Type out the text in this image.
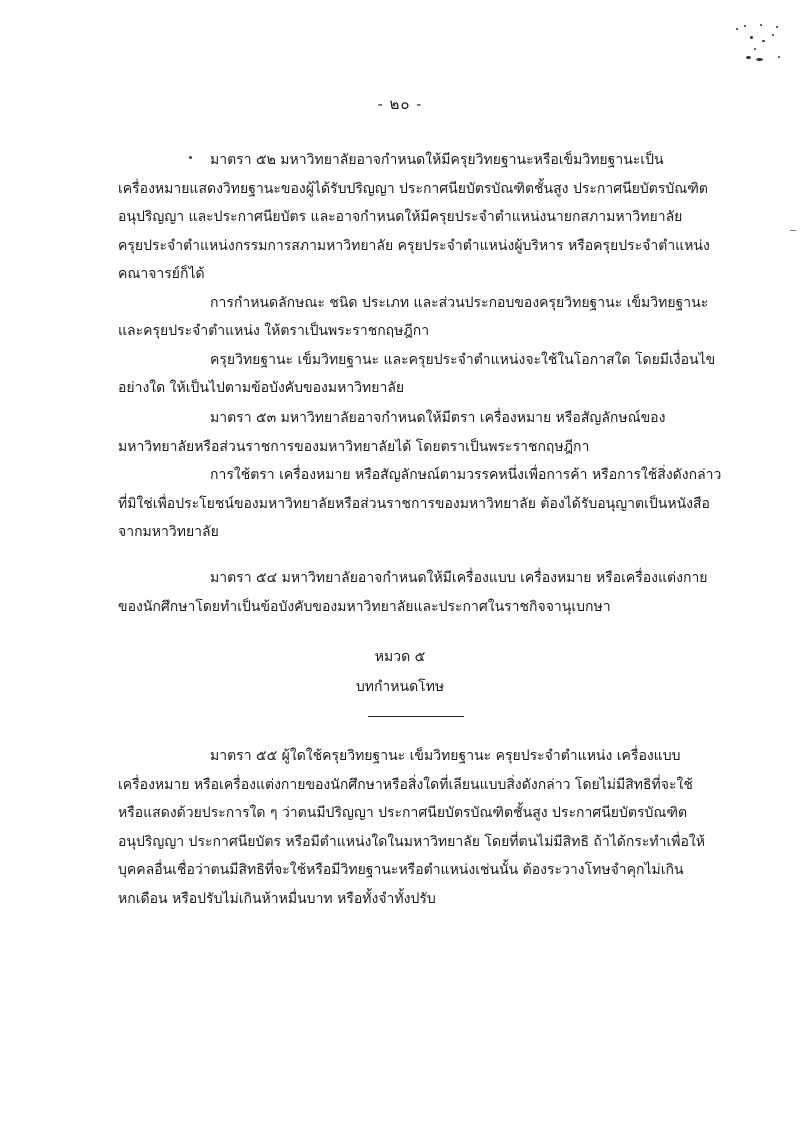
- ๒๐ -

มาตรา ๕๒ มหาวิทยาลัยอาจกำหนดให้มีครุยวิทยฐานะหรือเข็มวิทยฐานะเป็น

เครื่องหมายแสดงวิทยฐานะของผู้ได้รับปริญญา ประกาศนียบัตรบัณฑิตชั้นสูง ประกาศนียบัตรบัณฑิต

อนุปริญญา และประกาศนียบัตร และอาจกำหนดให้มีครุยประจำตำแหน่งนายกสภามหาวิทยาลัย

ครุยประจำตำแหน่งกรรมการสภามหาวิทยาลัย ครุยประจำตำแหน่งผู้บริหาร หรือครุยประจำตำแหน่ง

คณาจารย์ก็ได้

การกำหนดลักษณะ ชนิด ประเภท และส่วนประกอบของครุยวิทยฐานะ เข็มวิทยฐานะ

และครุยประจำตำแหน่ง ให้ตราเป็นพระราชกฤษฎีกา

ครุยวิทยฐานะ เข็มวิทยฐานะ และครุยประจำตำแหน่งจะใช้ในโอกาสใด โดยมีเงื่อนไข

อย่างใด ให้เป็นไปตามข้อบังคับของมหาวิทยาลัย

มาตรา ๕๓ มหาวิทยาลัยอาจกำหนดให้มีตรา เครื่องหมาย หรือสัญลักษณ์ของ

มหาวิทยาลัยหรือส่วนราชการของมหาวิทยาลัยได้ โดยตราเป็นพระราชกฤษฎีกา

การใช้ตรา เครื่องหมาย หรือสัญลักษณ์ตามวรรคหนึ่งเพื่อการค้า หรือการใช้สิ่งดังกล่าว

ที่มิใช่เพื่อประโยชน์ของมหาวิทยาลัยหรือส่วนราชการของมหาวิทยาลัย ต้องได้รับอนุญาตเป็นหนังสือ

จากมหาวิทยาลัย

มาตรา ๕๔ มหาวิทยาลัยอาจกำหนดให้มีเครื่องแบบ เครื่องหมาย หรือเครื่องแต่งกาย

ของนักศึกษาโดยทำเป็นข้อบังคับของมหาวิทยาลัยและประกาศในราชกิจจานุเบกษา

หมวด ๕
บทกำหนดโทษ

มาตรา ๕๕ ผู้ใดใช้ครุยวิทยฐานะ เข็มวิทยฐานะ ครุยประจำตำแหน่ง เครื่องแบบ

เครื่องหมาย หรือเครื่องแต่งกายของนักศึกษาหรือสิ่งใดที่เลียนแบบสิ่งดังกล่าว โดยไม่มีสิทธิที่จะใช้

หรือแสดงด้วยประการใด ๆ ว่าตนมีปริญญา ประกาศนียบัตรบัณฑิตชั้นสูง ประกาศนียบัตรบัณฑิต

อนุปริญญา ประกาศนียบัตร หรือมีตำแหน่งใดในมหาวิทยาลัย โดยที่ตนไม่มีสิทธิ ถ้าได้กระทำเพื่อให้

บุคคลอื่นเชื่อว่าตนมีสิทธิที่จะใช้หรือมีวิทยฐานะหรือตำแหน่งเช่นนั้น ต้องระวางโทษจำคุกไม่เกิน

หกเดือน หรือปรับไม่เกินห้าหมื่นบาท หรือทั้งจำทั้งปรับ
